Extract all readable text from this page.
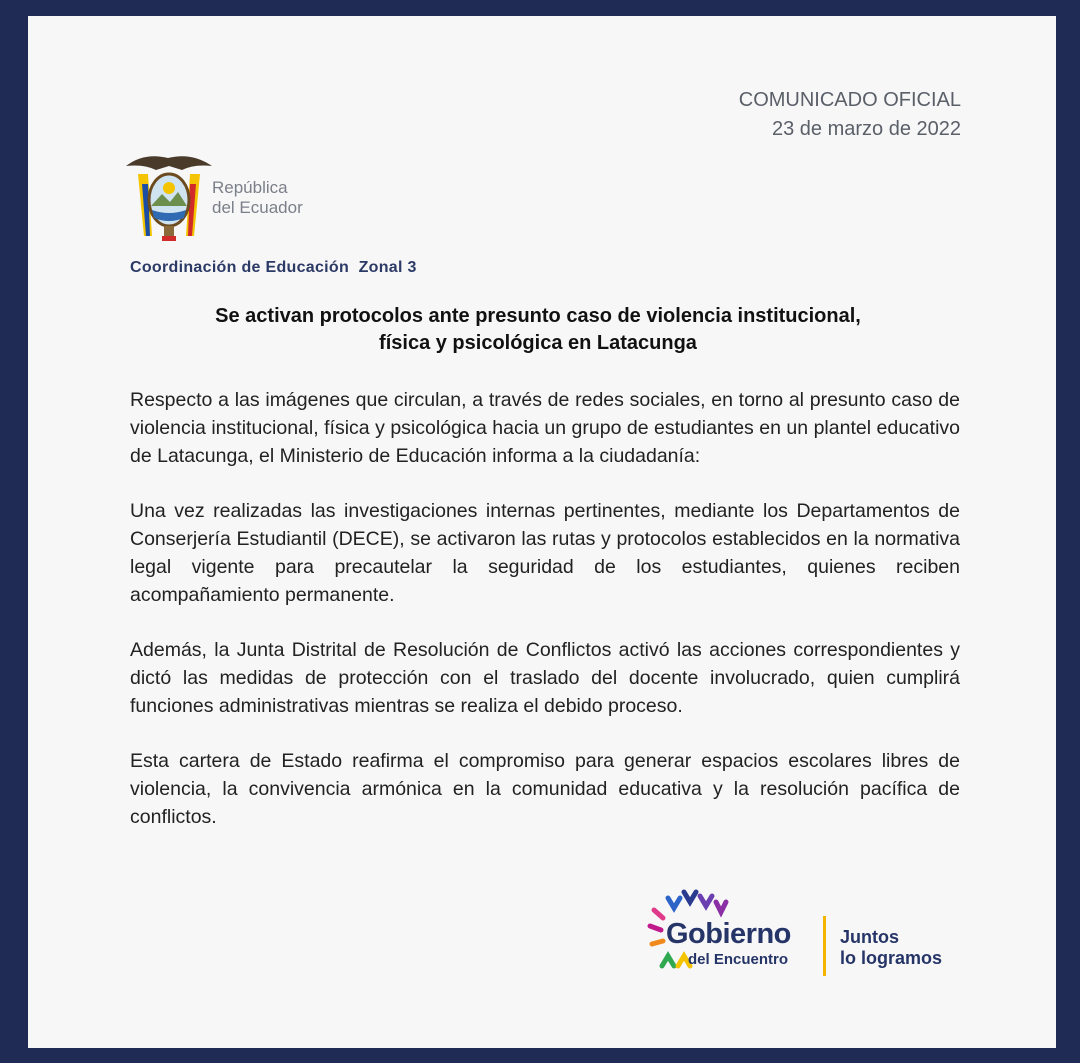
COMUNICADO OFICIAL
23 de marzo de 2022
República
del Ecuador
Coordinación de Educación  Zonal 3
Se activan protocolos ante presunto caso de violencia institucional,
física y psicológica en Latacunga

Respecto a las imágenes que circulan, a través de redes sociales, en torno al presunto caso de violencia institucional, física y psicológica hacia un grupo de estudiantes en un plantel educativo de Latacunga, el Ministerio de Educación informa a la ciudadanía:

Una vez realizadas las investigaciones internas pertinentes, mediante los Departamentos de Conserjería Estudiantil (DECE), se activaron las rutas y protocolos establecidos en la normativa legal vigente para precautelar la seguridad de los estudiantes, quienes reciben acompañamiento permanente.

Además, la Junta Distrital de Resolución de Conflictos activó las acciones correspondientes y dictó las medidas de protección con el traslado del docente involucrado, quien cumplirá funciones administrativas mientras se realiza el debido proceso.

Esta cartera de Estado reafirma el compromiso para generar espacios escolares libres de violencia, la convivencia armónica en la comunidad educativa y la resolución pacífica de conflictos.

Gobierno
del Encuentro
Juntos
lo logramos
